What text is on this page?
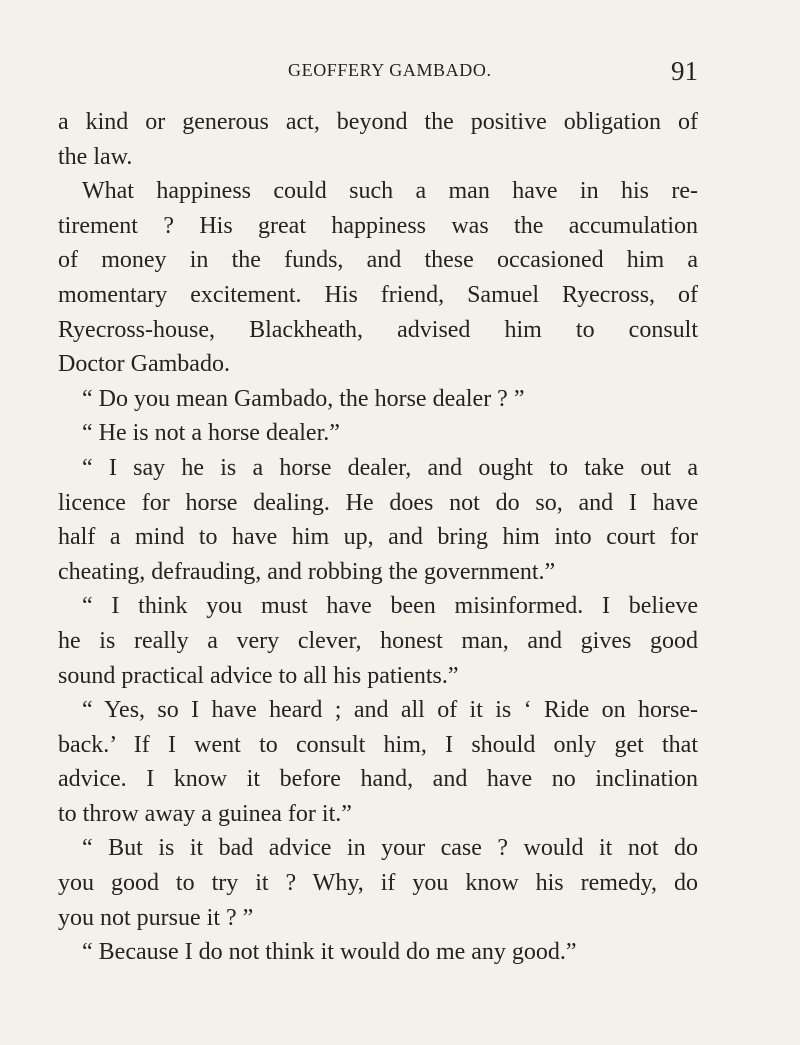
GEOFFERY GAMBADO.	91
a kind or generous act, beyond the positive obligation of
the law.
What happiness could such a man have in his re-
tirement ? His great happiness was the accumulation
of money in the funds, and these occasioned him a
momentary excitement. His friend, Samuel Ryecross, of
Ryecross-house, Blackheath, advised him to consult
Doctor Gambado.
“ Do you mean Gambado, the horse dealer ? ”
“ He is not a horse dealer.”
“ I say he is a horse dealer, and ought to take out a
licence for horse dealing. He does not do so, and I have
half a mind to have him up, and bring him into court for
cheating, defrauding, and robbing the government.”
“ I think you must have been misinformed. I believe
he is really a very clever, honest man, and gives good
sound practical advice to all his patients.”
“ Yes, so I have heard ; and all of it is ‘ Ride on horse-
back.’ If I went to consult him, I should only get that
advice. I know it before hand, and have no inclination
to throw away a guinea for it.”
“ But is it bad advice in your case ? would it not do
you good to try it ? Why, if you know his remedy, do
you not pursue it ? ”
“ Because I do not think it would do me any good.”
